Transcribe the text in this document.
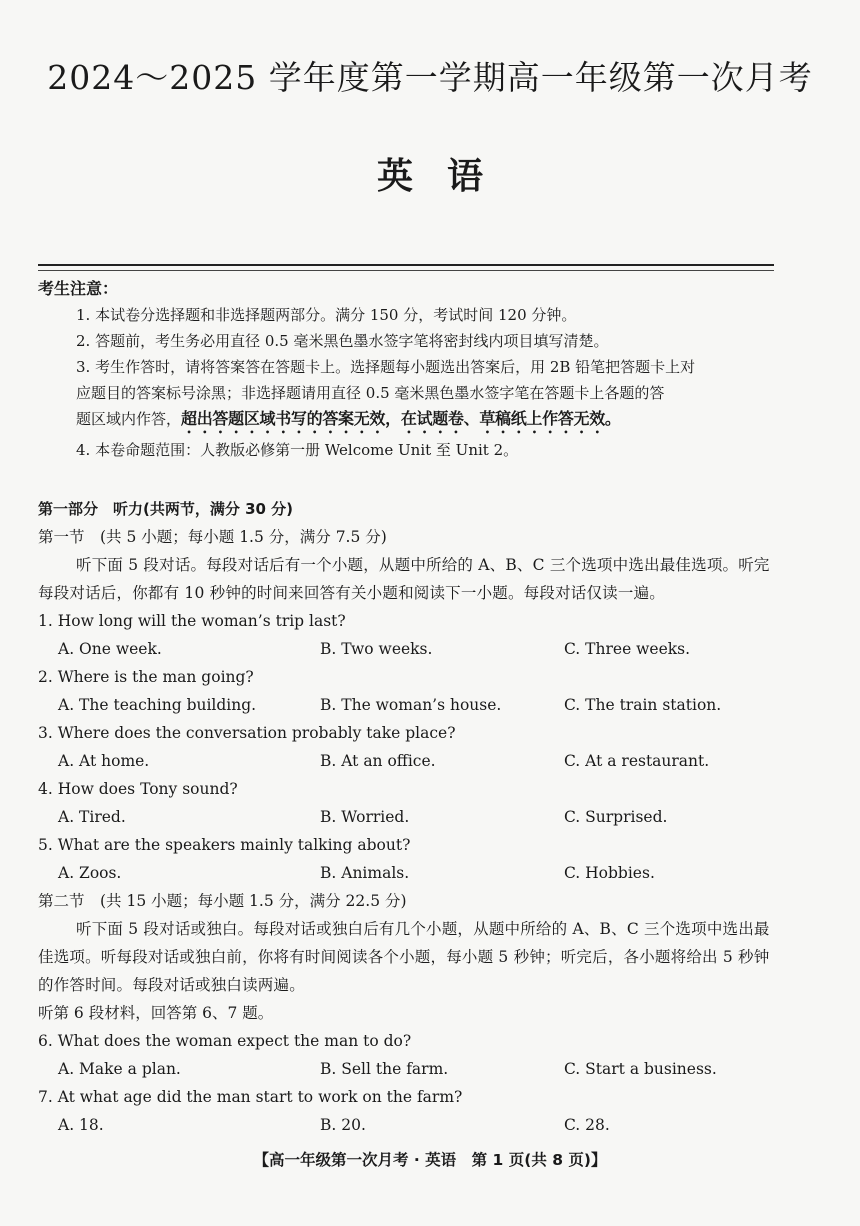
2024～2025 学年度第一学期高一年级第一次月考
英语
考生注意：
1. 本试卷分选择题和非选择题两部分。满分 150 分，考试时间 120 分钟。
2. 答题前，考生务必用直径 0.5 毫米黑色墨水签字笔将密封线内项目填写清楚。
3. 考生作答时，请将答案答在答题卡上。选择题每小题选出答案后，用 2B 铅笔把答题卡上对
应题目的答案标号涂黑；非选择题请用直径 0.5 毫米黑色墨水签字笔在答题卡上各题的答
题区域内作答，超出答题区域书写的答案无效，在试题卷、草稿纸上作答无效。
4. 本卷命题范围：人教版必修第一册 Welcome Unit 至 Unit 2。
第一部分　听力(共两节，满分 30 分)
第一节　(共 5 小题；每小题 1.5 分，满分 7.5 分)
听下面 5 段对话。每段对话后有一个小题，从题中所给的 A、B、C 三个选项中选出最佳选项。听完每段对话后，你都有 10 秒钟的时间来回答有关小题和阅读下一小题。每段对话仅读一遍。
1. How long will the woman’s trip last?
A. One week.	B. Two weeks.	C. Three weeks.
2. Where is the man going?
A. The teaching building.	B. The woman’s house.	C. The train station.
3. Where does the conversation probably take place?
A. At home.	B. At an office.	C. At a restaurant.
4. How does Tony sound?
A. Tired.	B. Worried.	C. Surprised.
5. What are the speakers mainly talking about?
A. Zoos.	B. Animals.	C. Hobbies.
第二节　(共 15 小题；每小题 1.5 分，满分 22.5 分)
听下面 5 段对话或独白。每段对话或独白后有几个小题，从题中所给的 A、B、C 三个选项中选出最佳选项。听每段对话或独白前，你将有时间阅读各个小题，每小题 5 秒钟；听完后，各小题将给出 5 秒钟的作答时间。每段对话或独白读两遍。
听第 6 段材料，回答第 6、7 题。
6. What does the woman expect the man to do?
A. Make a plan.	B. Sell the farm.	C. Start a business.
7. At what age did the man start to work on the farm?
A. 18.	B. 20.	C. 28.
【高一年级第一次月考 · 英语　第 1 页(共 8 页)】
